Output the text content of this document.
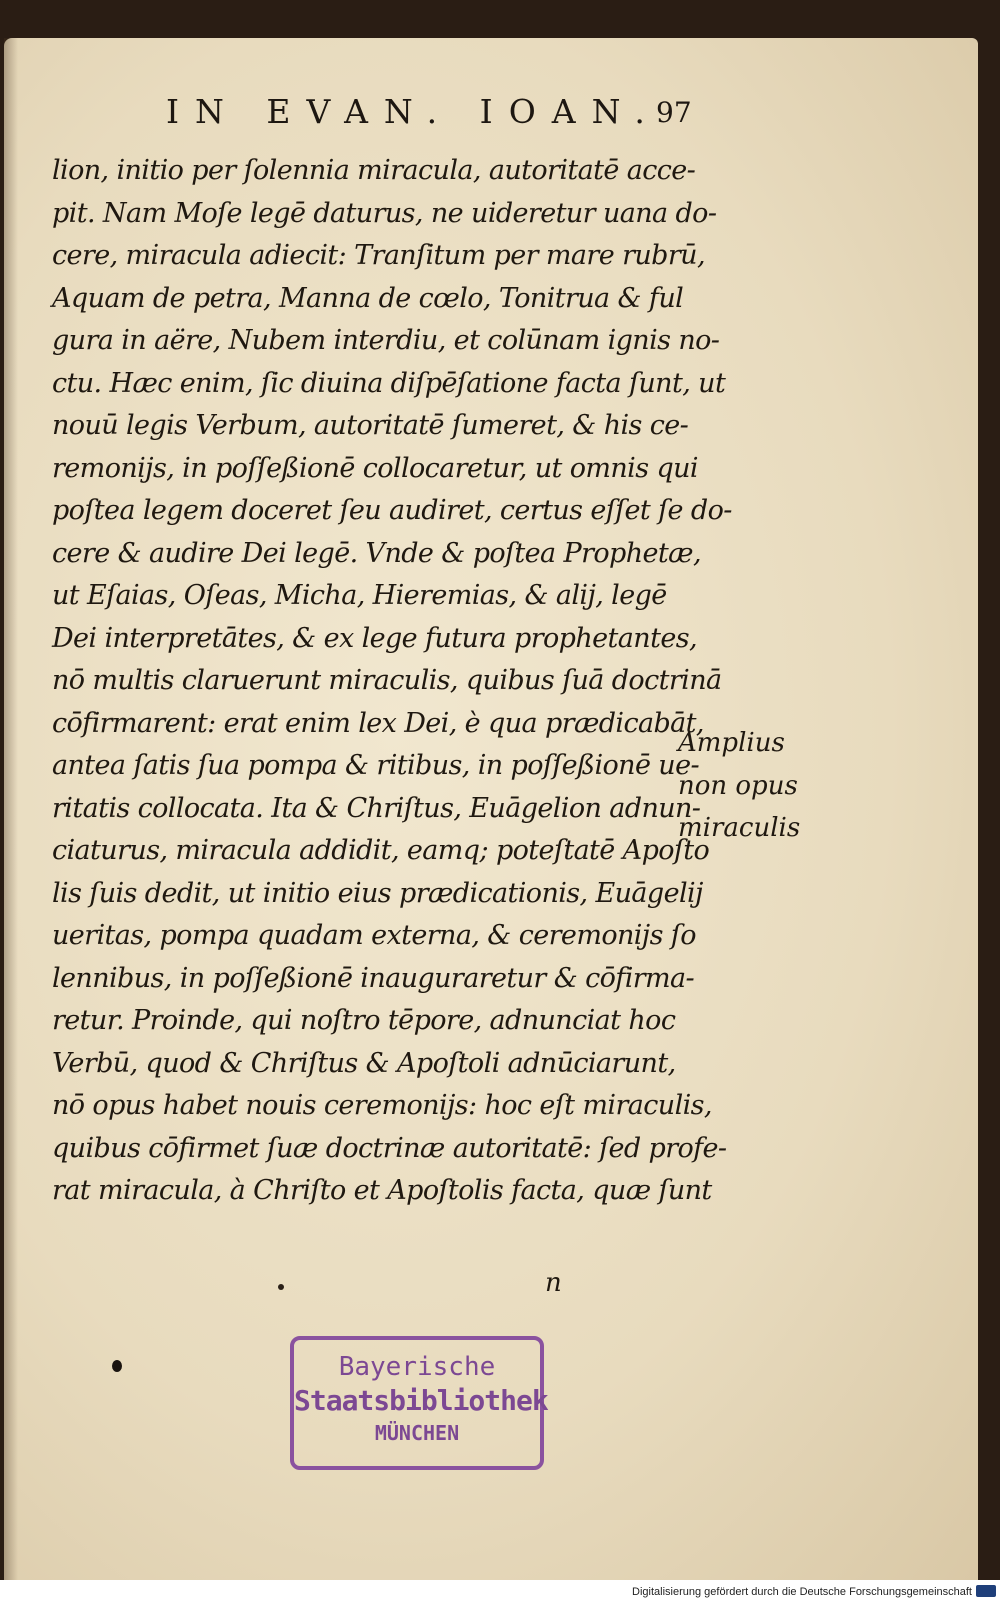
IN EVAN. IOAN.
97
lion, initio per ſolennia miracula, autoritatē acce-
pit. Nam Moſe legē daturus, ne uideretur uana do-
cere, miracula adiecit: Tranſitum per mare rubrū,
Aquam de petra, Manna de cœlo, Tonitrua & ful
gura in aëre, Nubem interdiu, et colūnam ignis no-
ctu. Hæc enim, ſic diuina diſpēſatione facta ſunt, ut
nouū legis Verbum, autoritatē ſumeret, & his ce-
remonijs, in poſſeßionē collocaretur, ut omnis qui
poſtea legem doceret ſeu audiret, certus eſſet ſe do-
cere & audire Dei legē. Vnde & poſtea Prophetæ,
ut Eſaias, Oſeas, Micha, Hieremias, & alij, legē
Dei interpretātes, & ex lege futura prophetantes,
nō multis claruerunt miraculis, quibus ſuā doctrinā
cōfirmarent: erat enim lex Dei, è qua prædicabāt,
antea ſatis ſua pompa & ritibus, in poſſeßionē ue-
ritatis collocata. Ita & Chriſtus, Euāgelion adnun-
ciaturus, miracula addidit, eamq; poteſtatē Apoſto
lis ſuis dedit, ut initio eius prædicationis, Euāgelij
ueritas, pompa quadam externa, & ceremonijs ſo
lennibus, in poſſeßionē inauguraretur & cōfirma-
retur. Proinde, qui noſtro tēpore, adnunciat hoc
Verbū, quod & Chriſtus & Apoſtoli adnūciarunt,
nō opus habet nouis ceremonijs: hoc eſt miraculis,
quibus cōfirmet ſuæ doctrinæ autoritatē: ſed profe-
rat miracula, à Chriſto et Apoſtolis facta, quæ ſunt
Amplius
non opus
miraculis
n
Bayerische
Staatsbibliothek
MÜNCHEN
Digitalisierung gefördert durch die Deutsche Forschungsgemeinschaft
